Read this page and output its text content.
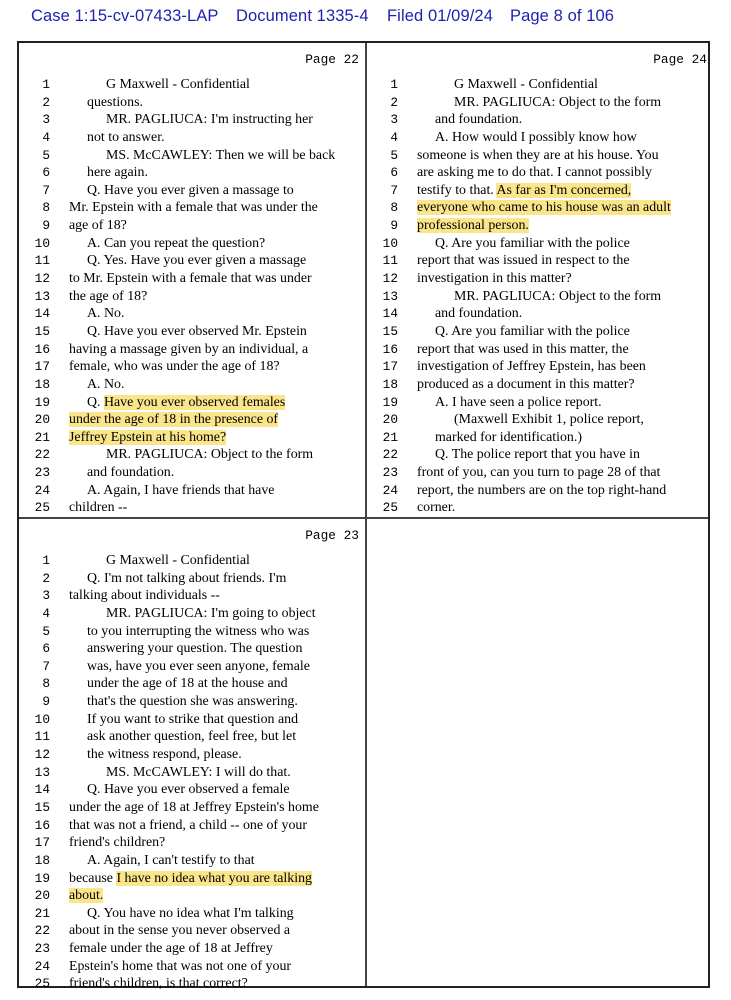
Case 1:15-cv-07433-LAP Document 1335-4 Filed 01/09/24 Page 8 of 106
Page 22
1	G Maxwell - Confidential
2	questions.
3	MR. PAGLIUCA: I'm instructing her
4	not to answer.
5	MS. McCAWLEY: Then we will be back
6	here again.
7	Q. Have you ever given a massage to
8 Mr. Epstein with a female that was under the
9 age of 18?
10	A. Can you repeat the question?
11	Q. Yes. Have you ever given a massage
12 to Mr. Epstein with a female that was under
13 the age of 18?
14	A. No.
15	Q. Have you ever observed Mr. Epstein
16 having a massage given by an individual, a
17 female, who was under the age of 18?
18	A. No.
19	Q. Have you ever observed females
20 under the age of 18 in the presence of
21 Jeffrey Epstein at his home?
22	MR. PAGLIUCA: Object to the form
23	and foundation.
24	A. Again, I have friends that have
25 children --
Page 24
1	G Maxwell - Confidential
2	MR. PAGLIUCA: Object to the form
3	and foundation.
4	A. How would I possibly know how
5 someone is when they are at his house. You
6 are asking me to do that. I cannot possibly
7 testify to that. As far as I'm concerned,
8 everyone who came to his house was an adult
9 professional person.
10	Q. Are you familiar with the police
11 report that was issued in respect to the
12 investigation in this matter?
13	MR. PAGLIUCA: Object to the form
14	and foundation.
15	Q. Are you familiar with the police
16 report that was used in this matter, the
17 investigation of Jeffrey Epstein, has been
18 produced as a document in this matter?
19	A. I have seen a police report.
20	(Maxwell Exhibit 1, police report,
21	marked for identification.)
22	Q. The police report that you have in
23 front of you, can you turn to page 28 of that
24 report, the numbers are on the top right-hand
25 corner.
Page 23
1	G Maxwell - Confidential
2	Q. I'm not talking about friends. I'm
3 talking about individuals --
4	MR. PAGLIUCA: I'm going to object
5	to you interrupting the witness who was
6	answering your question. The question
7	was, have you ever seen anyone, female
8	under the age of 18 at the house and
9	that's the question she was answering.
10	If you want to strike that question and
11	ask another question, feel free, but let
12	the witness respond, please.
13	MS. McCAWLEY: I will do that.
14	Q. Have you ever observed a female
15 under the age of 18 at Jeffrey Epstein's home
16 that was not a friend, a child -- one of your
17 friend's children?
18	A. Again, I can't testify to that
19 because I have no idea what you are talking
20 about.
21	Q. You have no idea what I'm talking
22 about in the sense you never observed a
23 female under the age of 18 at Jeffrey
24 Epstein's home that was not one of your
25 friend's children, is that correct?
